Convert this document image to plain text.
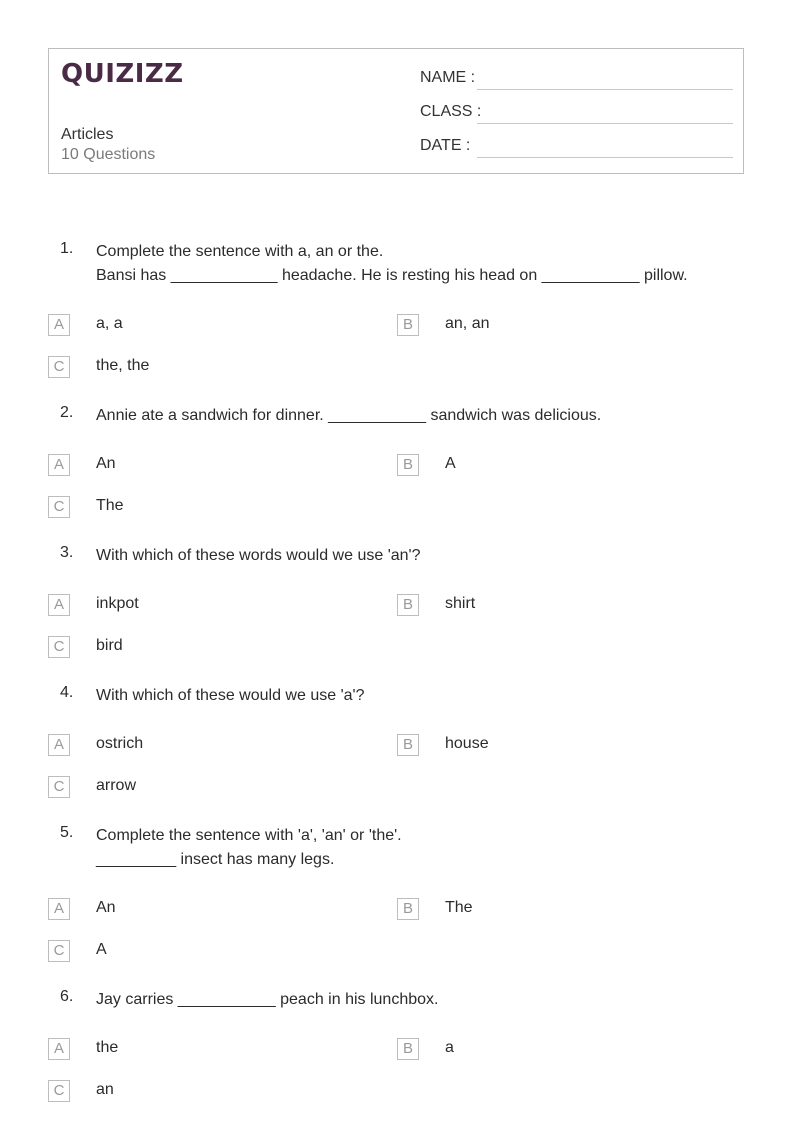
QUIZIZZ
Articles
10 Questions
NAME :
CLASS :
DATE :
1. Complete the sentence with a, an or the.
Bansi has ____________ headache. He is resting his head on ___________ pillow.
A	a, a	B	an, an
C	the, the
2. Annie ate a sandwich for dinner. ___________ sandwich was delicious.
A	An	B	A
C	The
3. With which of these words would we use 'an'?
A	inkpot	B	shirt
C	bird
4. With which of these would we use 'a'?
A	ostrich	B	house
C	arrow
5. Complete the sentence with 'a', 'an' or 'the'.
_________ insect has many legs.
A	An	B	The
C	A
6. Jay carries ___________ peach in his lunchbox.
A	the	B	a
C	an
